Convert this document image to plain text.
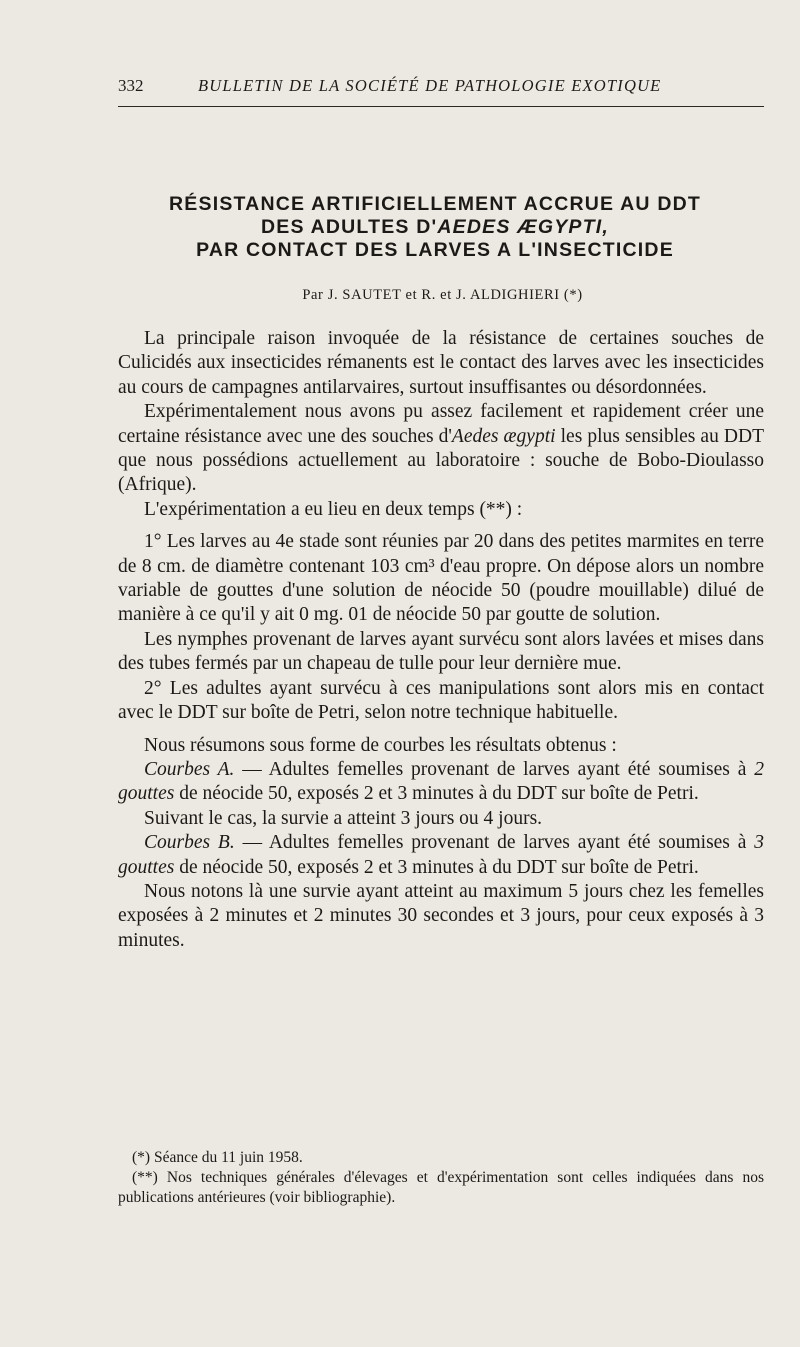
332	BULLETIN DE LA SOCIÉTÉ DE PATHOLOGIE EXOTIQUE
RÉSISTANCE ARTIFICIELLEMENT ACCRUE AU DDT
DES ADULTES D'AEDES ÆGYPTI,
PAR CONTACT DES LARVES A L'INSECTICIDE
Par J. SAUTET et R. et J. ALDIGHIERI (*)

La principale raison invoquée de la résistance de certaines souches de Culicidés aux insecticides rémanents est le contact des larves avec les insecticides au cours de campagnes antilarvaires, surtout insuffisantes ou désordonnées.

Expérimentalement nous avons pu assez facilement et rapidement créer une certaine résistance avec une des souches d'Aedes ægypti les plus sensibles au DDT que nous possédions actuellement au laboratoire : souche de Bobo-Dioulasso (Afrique).

L'expérimentation a eu lieu en deux temps (**) :

1° Les larves au 4e stade sont réunies par 20 dans des petites marmites en terre de 8 cm. de diamètre contenant 103 cm³ d'eau propre. On dépose alors un nombre variable de gouttes d'une solution de néocide 50 (poudre mouillable) dilué de manière à ce qu'il y ait 0 mg. 01 de néocide 50 par goutte de solution.

Les nymphes provenant de larves ayant survécu sont alors lavées et mises dans des tubes fermés par un chapeau de tulle pour leur dernière mue.

2° Les adultes ayant survécu à ces manipulations sont alors mis en contact avec le DDT sur boîte de Petri, selon notre technique habituelle.

Nous résumons sous forme de courbes les résultats obtenus :

Courbes A. — Adultes femelles provenant de larves ayant été soumises à 2 gouttes de néocide 50, exposés 2 et 3 minutes à du DDT sur boîte de Petri.

Suivant le cas, la survie a atteint 3 jours ou 4 jours.

Courbes B. — Adultes femelles provenant de larves ayant été soumises à 3 gouttes de néocide 50, exposés 2 et 3 minutes à du DDT sur boîte de Petri.

Nous notons là une survie ayant atteint au maximum 5 jours chez les femelles exposées à 2 minutes et 2 minutes 30 secondes et 3 jours, pour ceux exposés à 3 minutes.

(*) Séance du 11 juin 1958.

(**) Nos techniques générales d'élevages et d'expérimentation sont celles indiquées dans nos publications antérieures (voir bibliographie).
